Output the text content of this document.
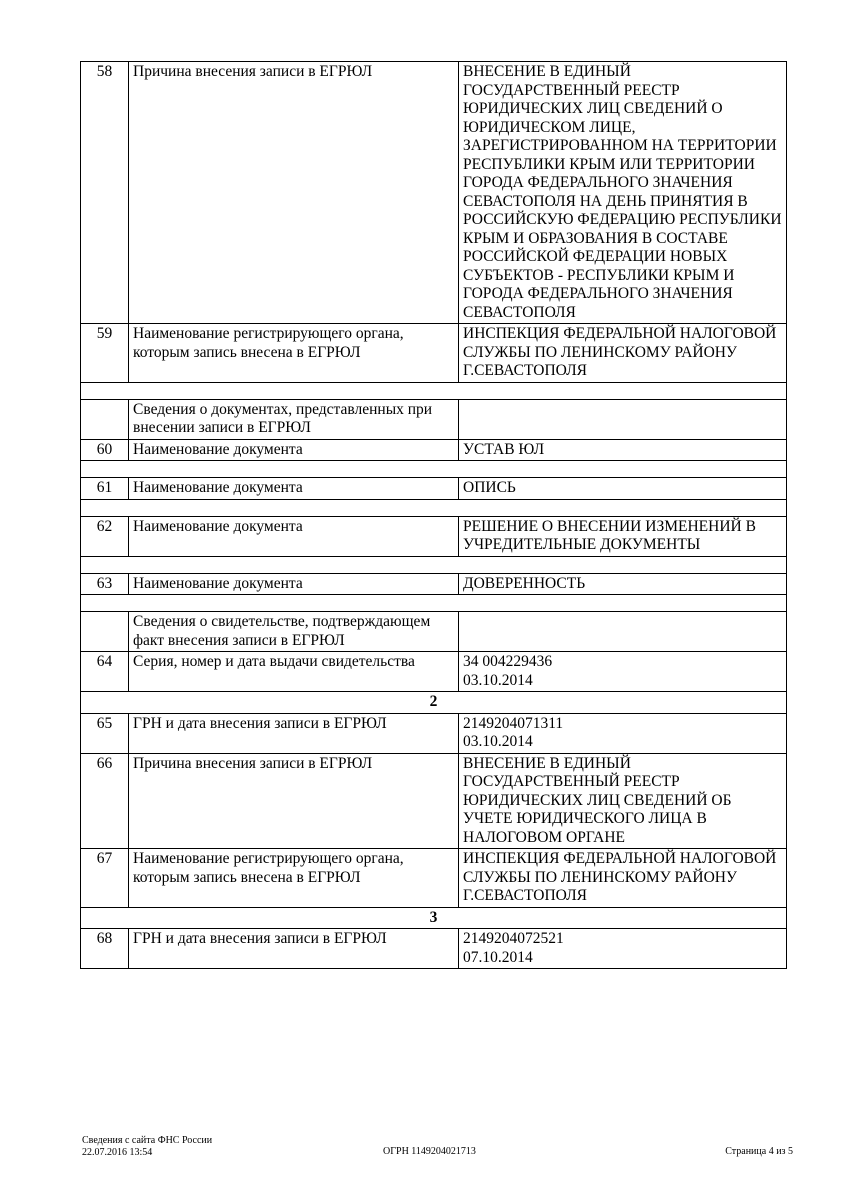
58	Причина внесения записи в ЕГРЮЛ	ВНЕСЕНИЕ В ЕДИНЫЙ ГОСУДАРСТВЕННЫЙ РЕЕСТР ЮРИДИЧЕСКИХ ЛИЦ СВЕДЕНИЙ О ЮРИДИЧЕСКОМ ЛИЦЕ, ЗАРЕГИСТРИРОВАННОМ НА ТЕРРИТОРИИ РЕСПУБЛИКИ КРЫМ ИЛИ ТЕРРИТОРИИ ГОРОДА ФЕДЕРАЛЬНОГО ЗНАЧЕНИЯ СЕВАСТОПОЛЯ НА ДЕНЬ ПРИНЯТИЯ В РОССИЙСКУЮ ФЕДЕРАЦИЮ РЕСПУБЛИКИ КРЫМ И ОБРАЗОВАНИЯ В СОСТАВЕ РОССИЙСКОЙ ФЕДЕРАЦИИ НОВЫХ СУБЪЕКТОВ - РЕСПУБЛИКИ КРЫМ И ГОРОДА ФЕДЕРАЛЬНОГО ЗНАЧЕНИЯ СЕВАСТОПОЛЯ
59	Наименование регистрирующего органа, которым запись внесена в ЕГРЮЛ	ИНСПЕКЦИЯ ФЕДЕРАЛЬНОЙ НАЛОГОВОЙ СЛУЖБЫ ПО ЛЕНИНСКОМУ РАЙОНУ Г.СЕВАСТОПОЛЯ

	Сведения о документах, представленных при внесении записи в ЕГРЮЛ	
60	Наименование документа	УСТАВ ЮЛ

61	Наименование документа	ОПИСЬ

62	Наименование документа	РЕШЕНИЕ О ВНЕСЕНИИ ИЗМЕНЕНИЙ В УЧРЕДИТЕЛЬНЫЕ ДОКУМЕНТЫ

63	Наименование документа	ДОВЕРЕННОСТЬ

	Сведения о свидетельстве, подтверждающем факт внесения записи в ЕГРЮЛ	
64	Серия, номер и дата выдачи свидетельства	34 004229436
03.10.2014

2		
65	ГРН и дата внесения записи в ЕГРЮЛ	2149204071311
03.10.2014

66	Причина внесения записи в ЕГРЮЛ	ВНЕСЕНИЕ В ЕДИНЫЙ ГОСУДАРСТВЕННЫЙ РЕЕСТР ЮРИДИЧЕСКИХ ЛИЦ СВЕДЕНИЙ ОБ УЧЕТЕ ЮРИДИЧЕСКОГО ЛИЦА В НАЛОГОВОМ ОРГАНЕ
67	Наименование регистрирующего органа, которым запись внесена в ЕГРЮЛ	ИНСПЕКЦИЯ ФЕДЕРАЛЬНОЙ НАЛОГОВОЙ СЛУЖБЫ ПО ЛЕНИНСКОМУ РАЙОНУ Г.СЕВАСТОПОЛЯ
3		
68	ГРН и дата внесения записи в ЕГРЮЛ	2149204072521
07.10.2014
Сведения с сайта ФНС России
22.07.2016 13:54	ОГРН 1149204021713	Страница 4 из 5
